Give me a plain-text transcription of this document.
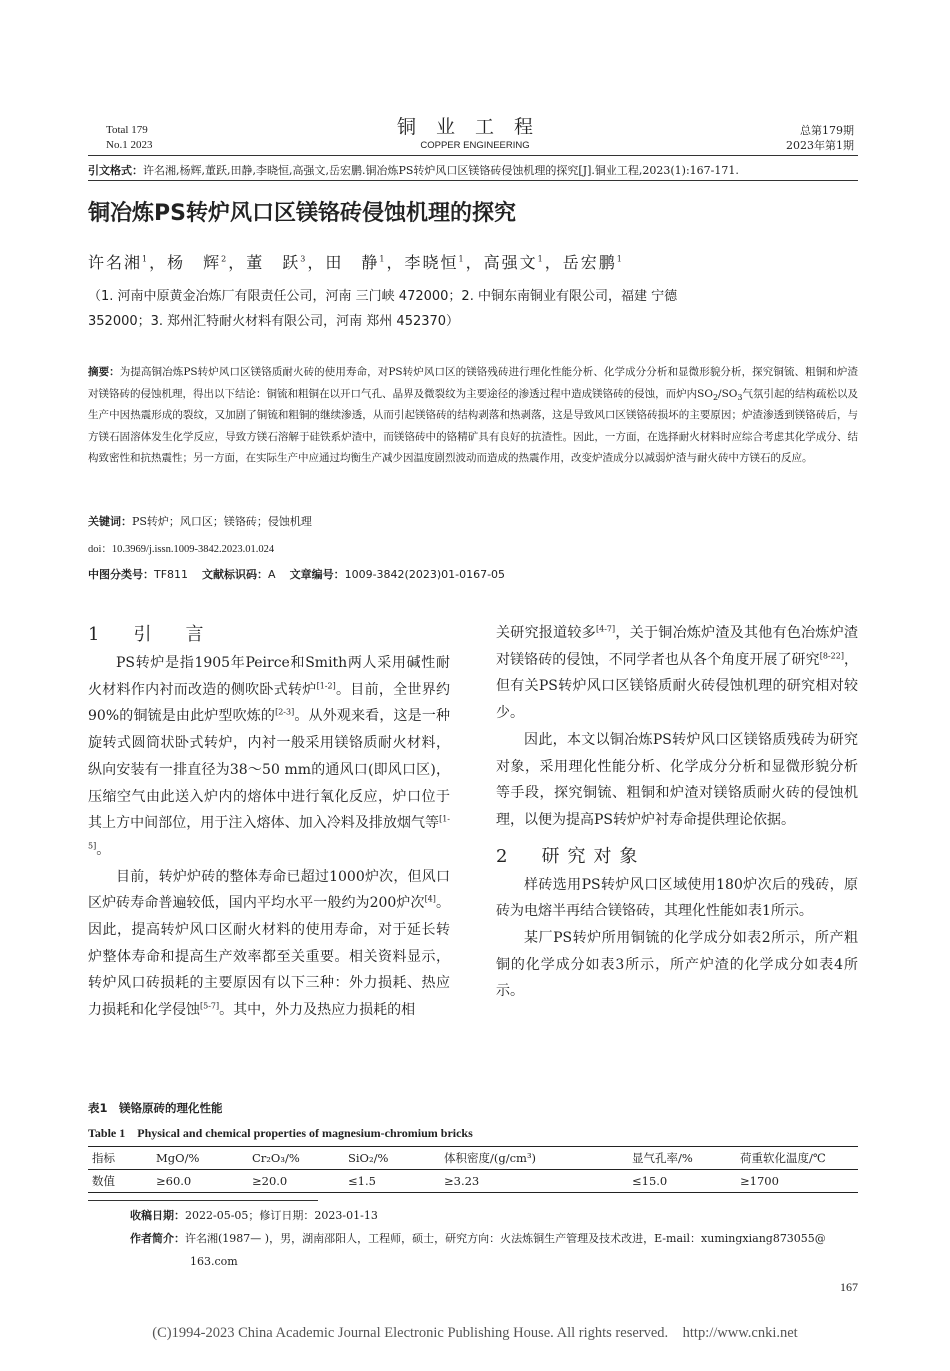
Total 179
No.1 2023
铜业工程
COPPER ENGINEERING
总第179期
2023年第1期
引文格式：许名湘,杨辉,董跃,田静,李晓恒,高强文,岳宏鹏.铜冶炼PS转炉风口区镁铬砖侵蚀机理的探究[J].铜业工程,2023(1):167-171.
铜冶炼PS转炉风口区镁铬砖侵蚀机理的探究
许名湘$^1$，杨　辉$^2$，董　跃$^3$，田　静$^1$，李晓恒$^1$，高强文$^1$，岳宏鹏$^1$
（1. 河南中原黄金冶炼厂有限责任公司，河南 三门峡 472000；2. 中铜东南铜业有限公司，福建 宁德
352000；3. 郑州汇特耐火材料有限公司，河南 郑州 452370）
摘要：为提高铜冶炼PS转炉风口区镁铬质耐火砖的使用寿命，对PS转炉风口区的镁铬残砖进行理化性能分析、化学成分分析和显微形貌分析，探究铜锍、粗铜和炉渣对镁铬砖的侵蚀机理，得出以下结论：铜锍和粗铜在以开口气孔、晶界及微裂纹为主要途径的渗透过程中造成镁铬砖的侵蚀，而炉内$SO_2/SO_3$气氛引起的结构疏松以及生产中因热震形成的裂纹，又加剧了铜锍和粗铜的继续渗透，从而引起镁铬砖的结构剥落和热剥落，这是导致风口区镁铬砖损坏的主要原因；炉渣渗透到镁铬砖后，与方镁石固溶体发生化学反应，导致方镁石溶解于硅铁系炉渣中，而镁铬砖中的铬精矿具有良好的抗渣性。因此，一方面，在选择耐火材料时应综合考虑其化学成分、结构致密性和抗热震性；另一方面，在实际生产中应通过均衡生产减少因温度剧烈波动而造成的热震作用，改变炉渣成分以减弱炉渣与耐火砖中方镁石的反应。
关键词：PS转炉；风口区；镁铬砖；侵蚀机理
doi：10.3969/j.issn.1009-3842.2023.01.024
中图分类号：TF811 文献标识码：A 文章编号：1009-3842(2023)01-0167-05
1　引　言

PS转炉是指1905年Peirce和Smith两人采用碱性耐火材料作内衬而改造的侧吹卧式转炉[1-2]。目前，全世界约90%的铜锍是由此炉型吹炼的[2-3]。从外观来看，这是一种旋转式圆筒状卧式转炉，内衬一般采用镁铬质耐火材料，纵向安装有一排直径为38～50 mm的通风口(即风口区)，压缩空气由此送入炉内的熔体中进行氧化反应，炉口位于其上方中间部位，用于注入熔体、加入冷料及排放烟气等[1-5]。

目前，转炉炉砖的整体寿命已超过1000炉次，但风口区炉砖寿命普遍较低，国内平均水平一般约为200炉次[4]。因此，提高转炉风口区耐火材料的使用寿命，对于延长转炉整体寿命和提高生产效率都至关重要。相关资料显示，转炉风口砖损耗的主要原因有以下三种：外力损耗、热应力损耗和化学侵蚀[5-7]。其中，外力及热应力损耗的相

关研究报道较多[4-7]，关于铜冶炼炉渣及其他有色冶炼炉渣对镁铬砖的侵蚀，不同学者也从各个角度开展了研究[8-22]，但有关PS转炉风口区镁铬质耐火砖侵蚀机理的研究相对较少。

因此，本文以铜冶炼PS转炉风口区镁铬质残砖为研究对象，采用理化性能分析、化学成分分析和显微形貌分析等手段，探究铜锍、粗铜和炉渣对镁铬质耐火砖的侵蚀机理，以便为提高PS转炉炉衬寿命提供理论依据。

2　研究对象

样砖选用PS转炉风口区域使用180炉次后的残砖，原砖为电熔半再结合镁铬砖，其理化性能如表1所示。

某厂PS转炉所用铜锍的化学成分如表2所示，所产粗铜的化学成分如表3所示，所产炉渣的化学成分如表4所示。

表1　镁铬原砖的理化性能
Table 1　Physical and chemical properties of magnesium-chromium bricks
指标	MgO/%	Cr₂O₃/%	SiO₂/%	体积密度/(g/cm³)	显气孔率/%	荷重软化温度/℃
数值	≥60.0	≥20.0	≤1.5	≥3.23	≤15.0	≥1700
收稿日期：2022-05-05；修订日期：2023-01-13
作者简介：许名湘(1987— )，男，湖南邵阳人，工程师，硕士，研究方向：火法炼铜生产管理及技术改进，E-mail：xumingxiang873055@
163.com
167
(C)1994-2023 China Academic Journal Electronic Publishing House. All rights reserved.    http://www.cnki.net
